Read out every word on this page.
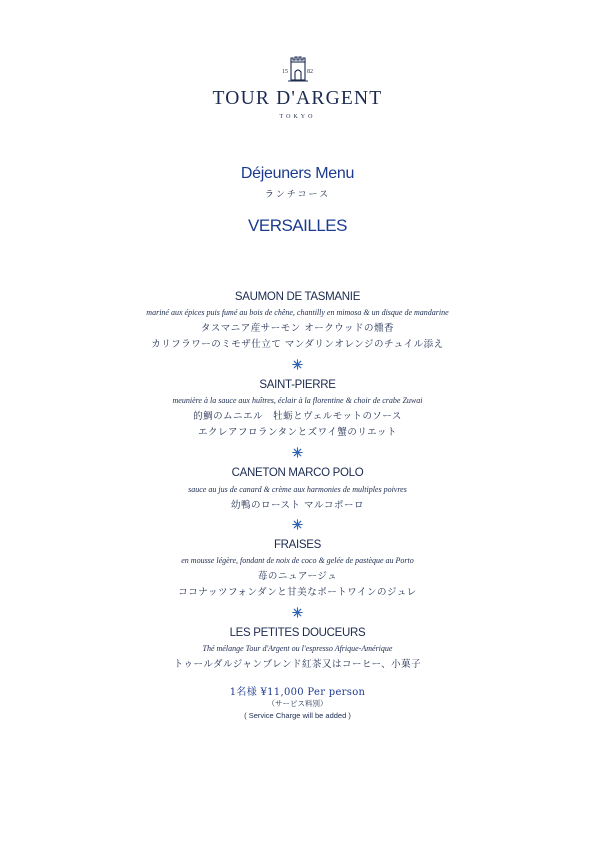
15	82
TOUR D'ARGENT
TOKYO
Déjeuners Menu
ランチコース
VERSAILLES
SAUMON DE TASMANIE
mariné aux épices puis fumé au bois de chêne, chantilly en mimosa & un disque de mandarine
タスマニア産サーモン オークウッドの燻香
カリフラワーのミモザ仕立て マンダリンオレンジのチュイル添え
SAINT-PIERRE
meunière à la sauce aux huîtres, éclair à la florentine & choir de crabe Zuwai
的鯛のムニエル　牡蛎とヴェルモットのソース
エクレアフロランタンとズワイ蟹のリエット
CANETON MARCO POLO
sauce au jus de canard & crème aux harmonies de multiples poivres
幼鴨のロースト マルコポーロ
FRAISES
en mousse légère, fondant de noix de coco & gelée de pastèque au Porto
苺のニュアージュ
ココナッツフォンダンと甘美なポートワインのジュレ
LES PETITES DOUCEURS
Thé mélange Tour d'Argent ou l'espresso Afrique-Amérique
トゥールダルジャンブレンド紅茶又はコーヒー、小菓子
1名様 ¥11,000 Per person
（サービス料別）
( Service Charge will be added )
